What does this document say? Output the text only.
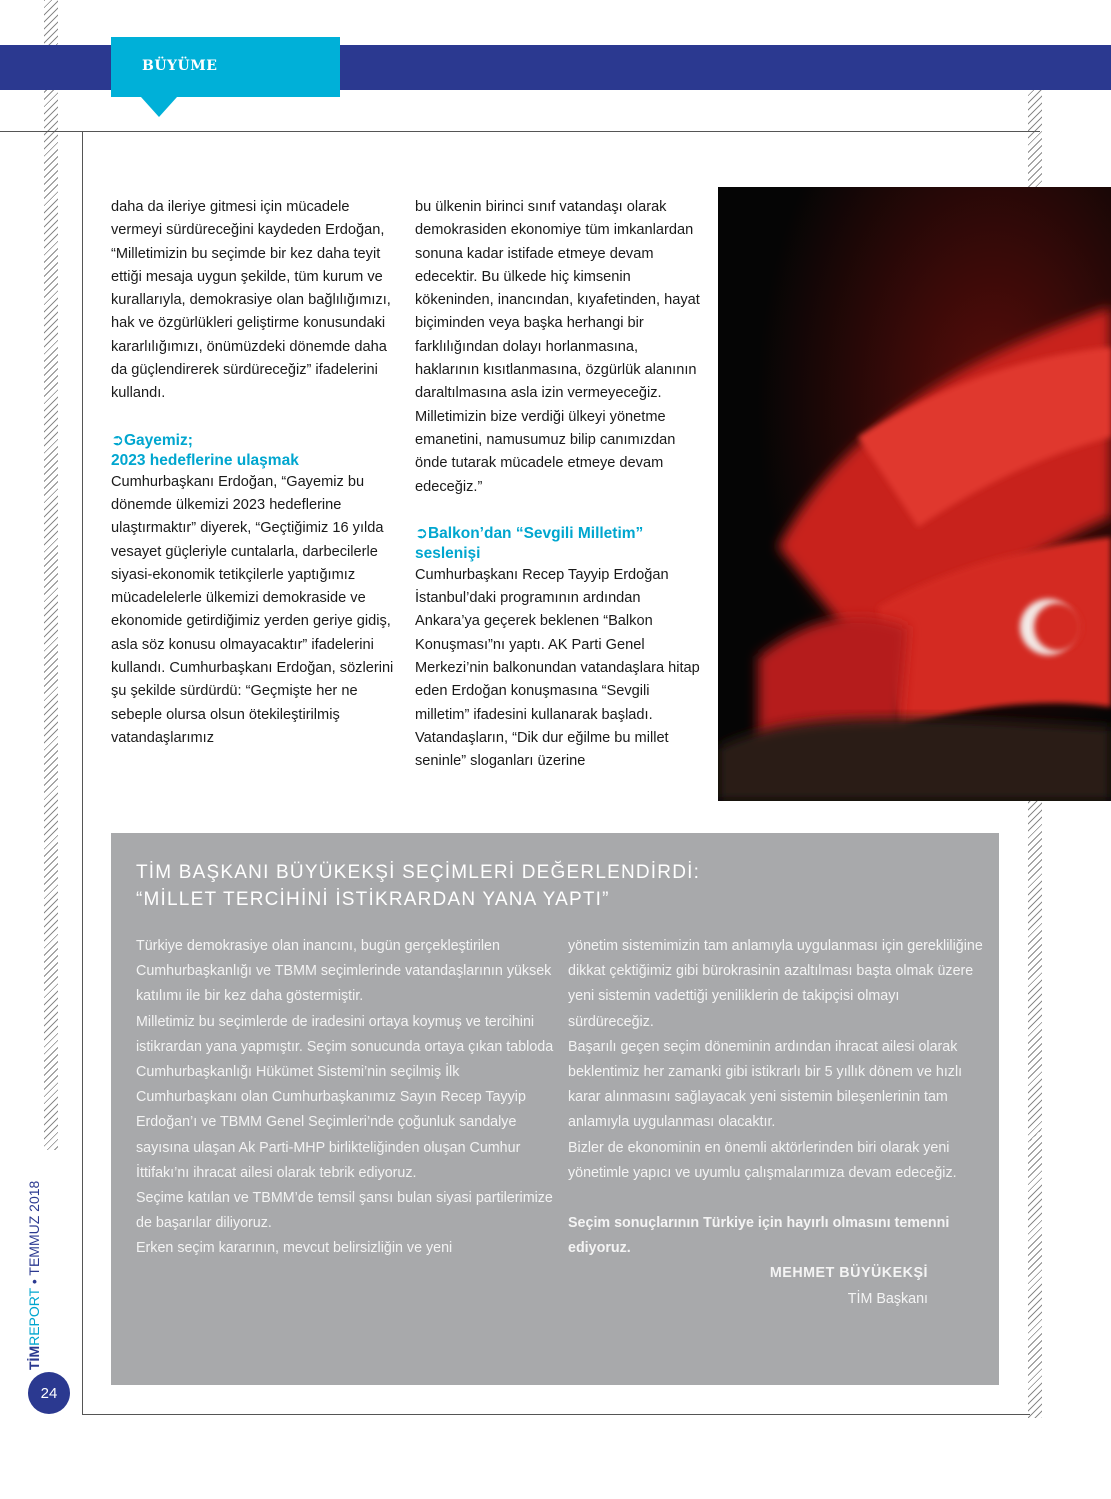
BÜYÜME

daha da ileriye gitmesi için mücadele vermeyi sürdüreceğini kaydeden Erdoğan, “Milletimizin bu seçimde bir kez daha teyit ettiği mesaja uygun şekilde, tüm kurum ve kurallarıyla, demokrasiye olan bağlılığımızı, hak ve özgürlükleri geliştirme konusundaki kararlılığımızı, önümüzdeki dönemde daha da güçlendirerek sürdüreceğiz” ifadelerini kullandı.

➲Gayemiz;
2023 hedeflerine ulaşmak

Cumhurbaşkanı Erdoğan, “Gayemiz bu dönemde ülkemizi 2023 hedeflerine ulaştırmaktır” diyerek, “Geçtiğimiz 16 yılda vesayet güçleriyle cuntalarla, darbecilerle siyasi-ekonomik tetikçilerle yaptığımız mücadelelerle ülkemizi demokraside ve ekonomide getirdiğimiz yerden geriye gidiş, asla söz konusu olmayacaktır” ifadelerini kullandı. Cumhurbaşkanı Erdoğan, sözlerini şu şekilde sürdürdü: “Geçmişte her ne sebeple olursa olsun ötekileştirilmiş vatandaşlarımız

bu ülkenin birinci sınıf vatandaşı olarak demokrasiden ekonomiye tüm imkanlardan sonuna kadar istifade etmeye devam edecektir. Bu ülkede hiç kimsenin kökeninden, inancından, kıyafetinden, hayat biçiminden veya başka herhangi bir farklılığından dolayı horlanmasına, haklarının kısıtlanmasına, özgürlük alanının daraltılmasına asla izin vermeyeceğiz. Milletimizin bize verdiği ülkeyi yönetme emanetini, namusumuz bilip canımızdan önde tutarak mücadele etmeye devam edeceğiz.”

➲Balkon’dan “Sevgili Milletim”
seslenişi

Cumhurbaşkanı Recep Tayyip Erdoğan İstanbul’daki programının ardından Ankara’ya geçerek beklenen “Balkon Konuşması”nı yaptı. AK Parti Genel Merkezi’nin balkonundan vatandaşlara hitap eden Erdoğan konuşmasına “Sevgili milletim” ifadesini kullanarak başladı. Vatandaşların, “Dik dur eğilme bu millet seninle” sloganları üzerine

TİM BAŞKANI BÜYÜKEKŞİ SEÇİMLERİ DEĞERLENDİRDİ:
“MİLLET TERCİHİNİ İSTİKRARDAN YANA YAPTI”
Türkiye demokrasiye olan inancını, bugün gerçekleştirilen Cumhurbaşkanlığı ve TBMM seçimlerinde vatandaşlarının yüksek katılımı ile bir kez daha göstermiştir.
Milletimiz bu seçimlerde de iradesini ortaya koymuş ve tercihini istikrardan yana yapmıştır. Seçim sonucunda ortaya çıkan tabloda Cumhurbaşkanlığı Hükümet Sistemi’nin seçilmiş İlk Cumhurbaşkanı olan Cumhurbaşkanımız Sayın Recep Tayyip Erdoğan’ı ve TBMM Genel Seçimleri’nde çoğunluk sandalye sayısına ulaşan Ak Parti-MHP birlikteliğinden oluşan Cumhur İttifakı’nı ihracat ailesi olarak tebrik ediyoruz.
Seçime katılan ve TBMM’de temsil şansı bulan siyasi partilerimize de başarılar diliyoruz.
Erken seçim kararının, mevcut belirsizliğin ve yeni
yönetim sistemimizin tam anlamıyla uygulanması için gerekliliğine dikkat çektiğimiz gibi bürokrasinin azaltılması başta olmak üzere yeni sistemin vadettiği yeniliklerin de takipçisi olmayı sürdüreceğiz.
Başarılı geçen seçim döneminin ardından ihracat ailesi olarak beklentimiz her zamanki gibi istikrarlı bir 5 yıllık dönem ve hızlı karar alınmasını sağlayacak yeni sistemin bileşenlerinin tam anlamıyla uygulanması olacaktır.
Bizler de ekonominin en önemli aktörlerinden biri olarak yeni yönetimle yapıcı ve uyumlu çalışmalarımıza devam edeceğiz.
Seçim sonuçlarının Türkiye için hayırlı olmasını temenni ediyoruz.
MEHMET BÜYÜKEKŞİ
TİM Başkanı
TİMREPORT • TEMMUZ 2018
24
